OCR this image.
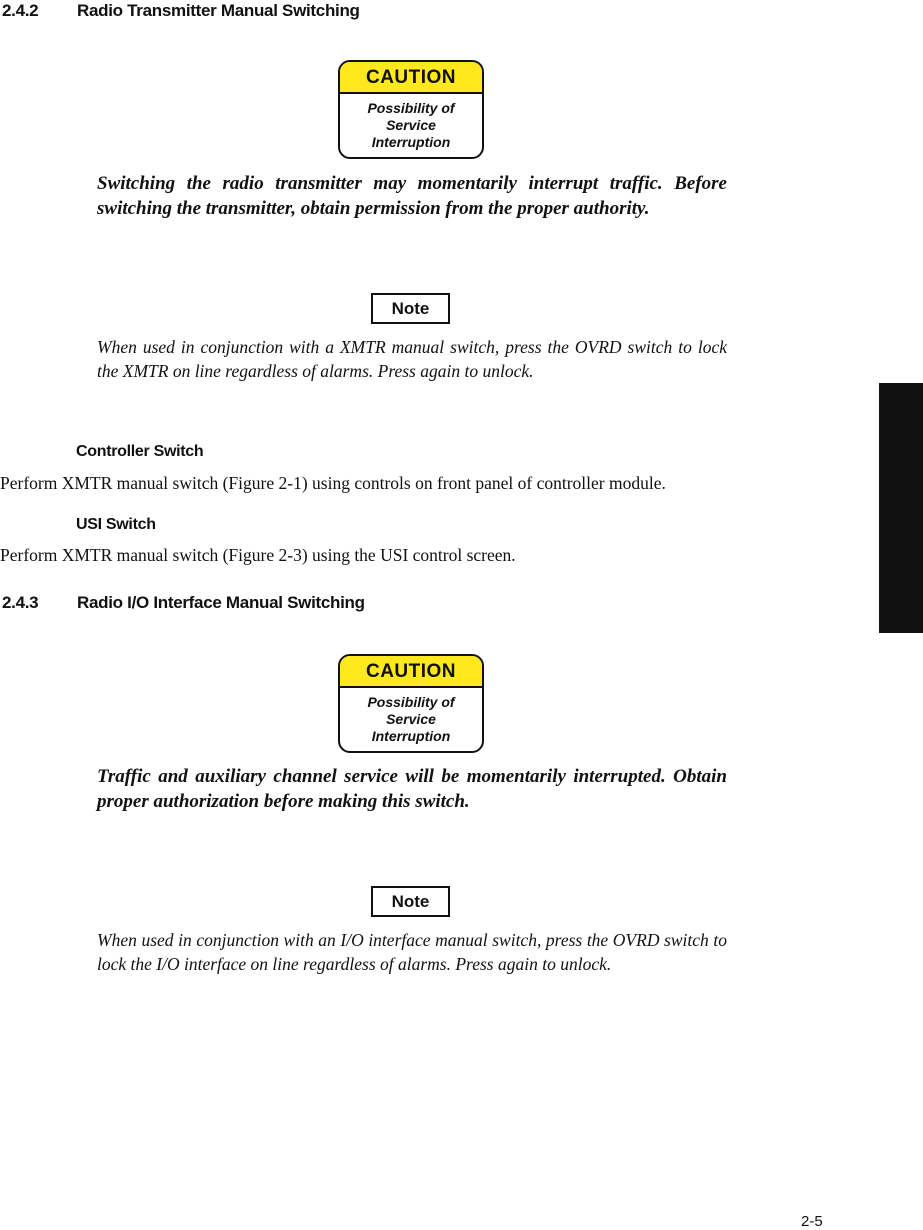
2.4.2 Radio Transmitter Manual Switching
CAUTION
Possibility of
Service
Interruption
Switching the radio transmitter may momentarily interrupt traffic. Before switching the transmitter, obtain permission from the proper authority.
Note
When used in conjunction with a XMTR manual switch, press the OVRD switch to lock the XMTR on line regardless of alarms. Press again to unlock.
Controller Switch
Perform XMTR manual switch (Figure 2-1) using controls on front panel of controller module.
USI Switch
Perform XMTR manual switch (Figure 2-3) using the USI control screen.
2.4.3 Radio I/O Interface Manual Switching
CAUTION
Possibility of
Service
Interruption
Traffic and auxiliary channel service will be momentarily interrupted. Obtain proper authorization before making this switch.
Note
When used in conjunction with an I/O interface manual switch, press the OVRD switch to lock the I/O interface on line regardless of alarms. Press again to unlock.
2-5
